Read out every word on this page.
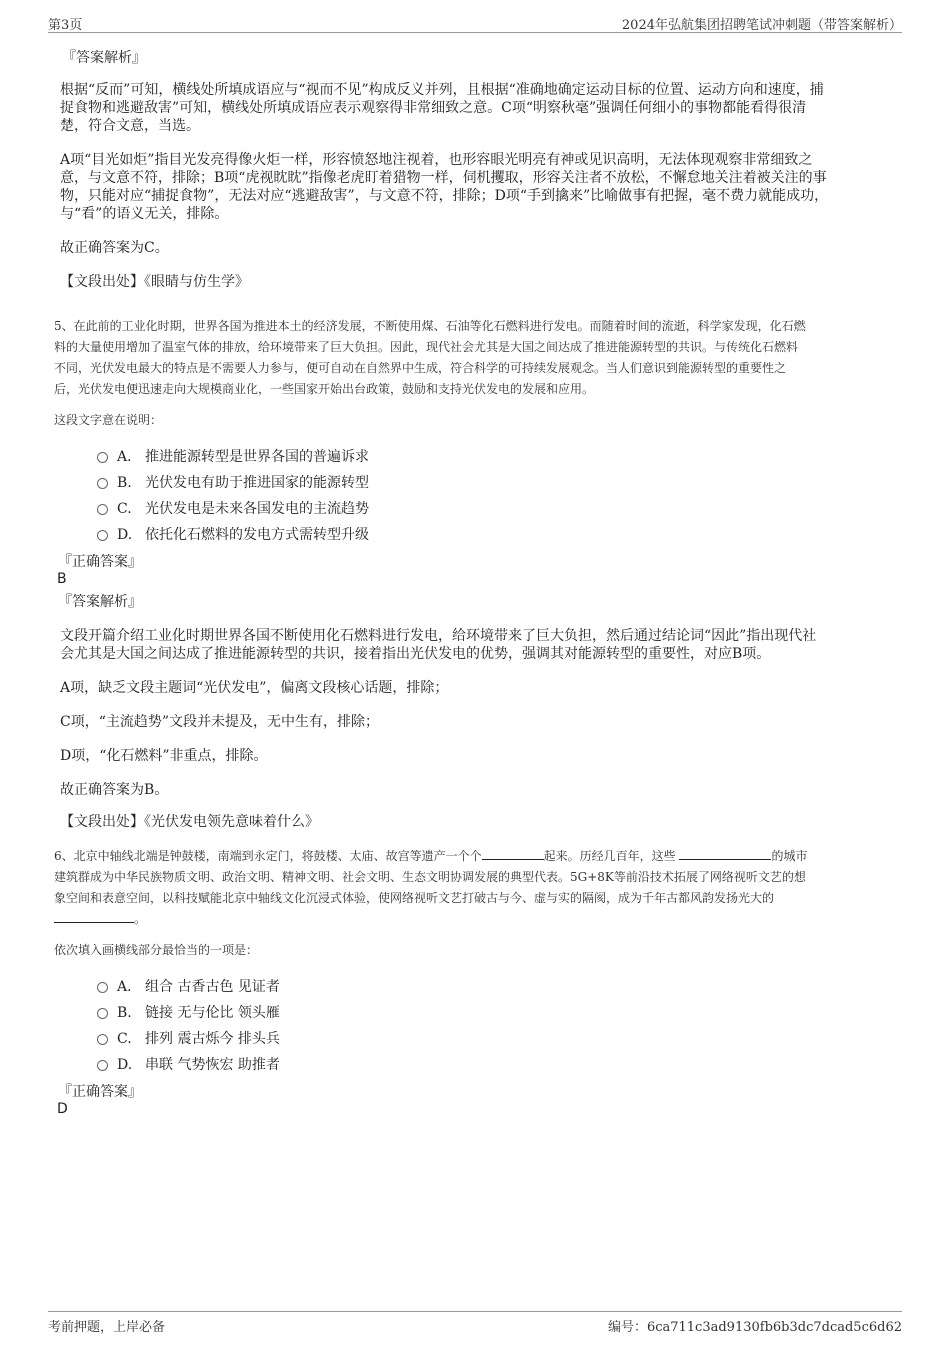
第3页	2024年弘航集团招聘笔试冲刺题（带答案解析）
『答案解析』
根据“反而”可知，横线处所填成语应与“视而不见”构成反义并列，且根据“准确地确定运动目标的位置、运动方向和速度，捕
捉食物和逃避敌害”可知，横线处所填成语应表示观察得非常细致之意。C项“明察秋毫”强调任何细小的事物都能看得很清
楚，符合文意，当选。
A项“目光如炬”指目光发亮得像火炬一样，形容愤怒地注视着，也形容眼光明亮有神或见识高明，无法体现观察非常细致之
意，与文意不符，排除；B项“虎视眈眈”指像老虎盯着猎物一样，伺机攫取，形容关注者不放松，不懈怠地关注着被关注的事
物，只能对应“捕捉食物”，无法对应“逃避敌害”，与文意不符，排除；D项“手到擒来”比喻做事有把握，毫不费力就能成功，
与“看”的语义无关，排除。
故正确答案为C。
【文段出处】《眼睛与仿生学》
5、在此前的工业化时期，世界各国为推进本土的经济发展，不断使用煤、石油等化石燃料进行发电。而随着时间的流逝，科学家发现，化石燃
料的大量使用增加了温室气体的排放，给环境带来了巨大负担。因此，现代社会尤其是大国之间达成了推进能源转型的共识。与传统化石燃料
不同，光伏发电最大的特点是不需要人力参与，便可自动在自然界中生成，符合科学的可持续发展观念。当人们意识到能源转型的重要性之
后，光伏发电便迅速走向大规模商业化，一些国家开始出台政策，鼓励和支持光伏发电的发展和应用。
这段文字意在说明：
A． 推进能源转型是世界各国的普遍诉求
B. 光伏发电有助于推进国家的能源转型
C. 光伏发电是未来各国发电的主流趋势
D. 依托化石燃料的发电方式需转型升级
『正确答案』
B
『答案解析』
文段开篇介绍工业化时期世界各国不断使用化石燃料进行发电，给环境带来了巨大负担，然后通过结论词“因此”指出现代社
会尤其是大国之间达成了推进能源转型的共识，接着指出光伏发电的优势，强调其对能源转型的重要性，对应B项。
A项，缺乏文段主题词“光伏发电”，偏离文段核心话题，排除；
C项，“主流趋势”文段并未提及，无中生有，排除；
D项，“化石燃料”非重点，排除。
故正确答案为B。
【文段出处】《光伏发电领先意味着什么》
6、北京中轴线北端是钟鼓楼，南端到永定门，将鼓楼、太庙、故宫等遗产一个个	起来。历经几百年，这些	的城市
建筑群成为中华民族物质文明、政治文明、精神文明、社会文明、生态文明协调发展的典型代表。5G+8K等前沿技术拓展了网络视听文艺的想
象空间和表意空间，以科技赋能北京中轴线文化沉浸式体验，使网络视听文艺打破古与今、虚与实的隔阂，成为千年古都风韵发扬光大的
。
依次填入画横线部分最恰当的一项是：
A． 组合 古香古色 见证者
B. 链接 无与伦比 领头雁
C. 排列 震古烁今 排头兵
D. 串联 气势恢宏 助推者
『正确答案』
D
考前押题，上岸必备	编号：6ca711c3ad9130fb6b3dc7dcad5c6d62
